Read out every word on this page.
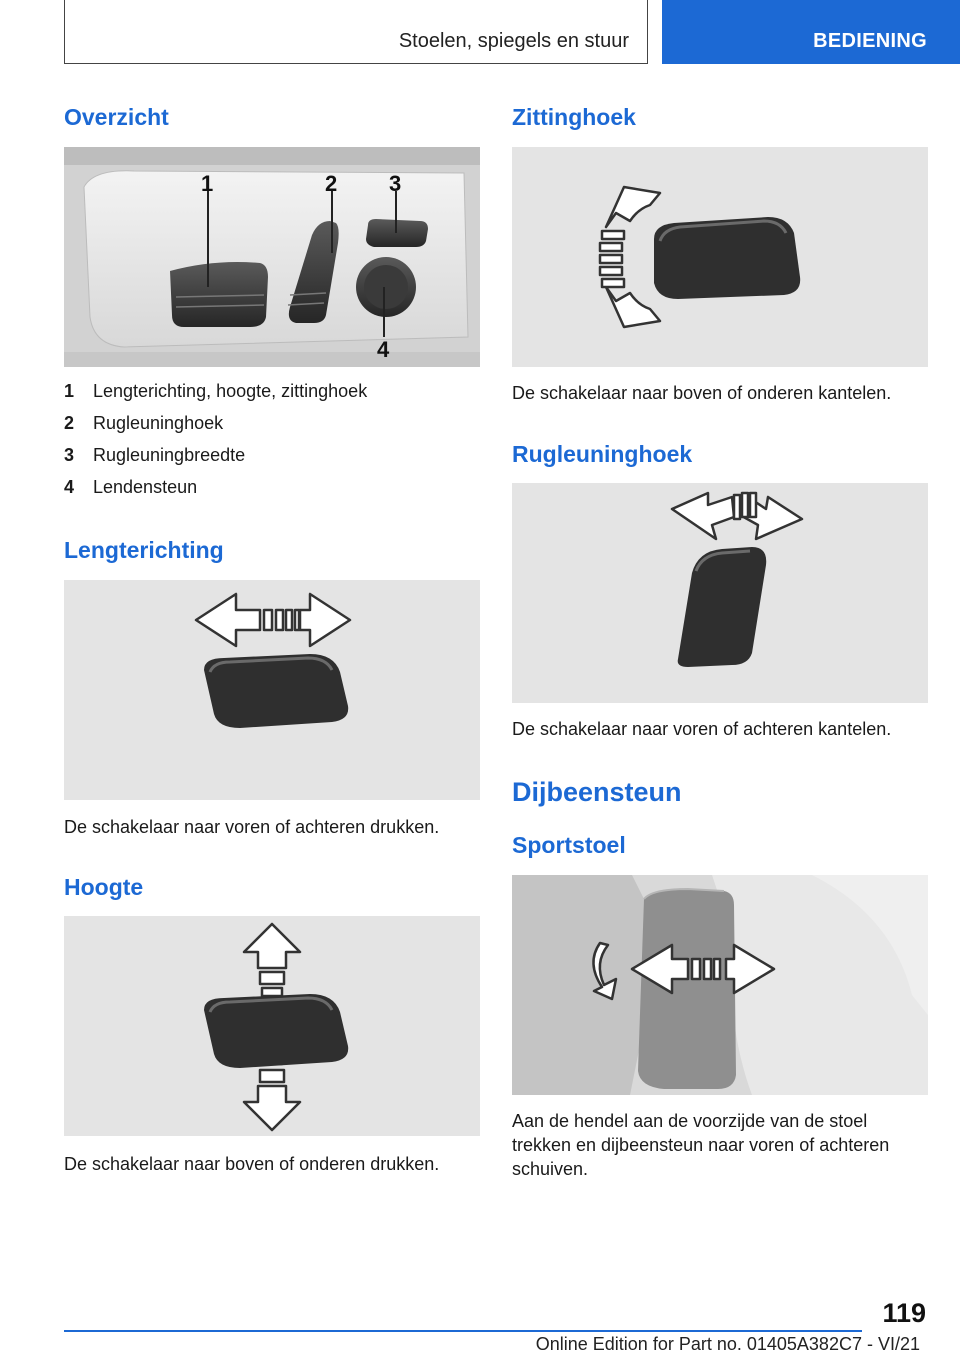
Stoelen, spiegels en stuur	BEDIENING
Overzicht
1	2 3
4
1 Lengterichting, hoogte, zittinghoek
2 Rugleuninghoek
3 Rugleuningbreedte
4 Lendensteun
Lengterichting

De schakelaar naar voren of achteren drukken.

Hoogte

De schakelaar naar boven of onderen drukken.

Zittinghoek

De schakelaar naar boven of onderen kantelen.

Rugleuninghoek

De schakelaar naar voren of achteren kantelen.

Dijbeensteun
Sportstoel

Aan de hendel aan de voorzijde van de stoel trekken en dijbeensteun naar voren of achteren schuiven.

119
Online Edition for Part no. 01405A382C7 - VI/21
